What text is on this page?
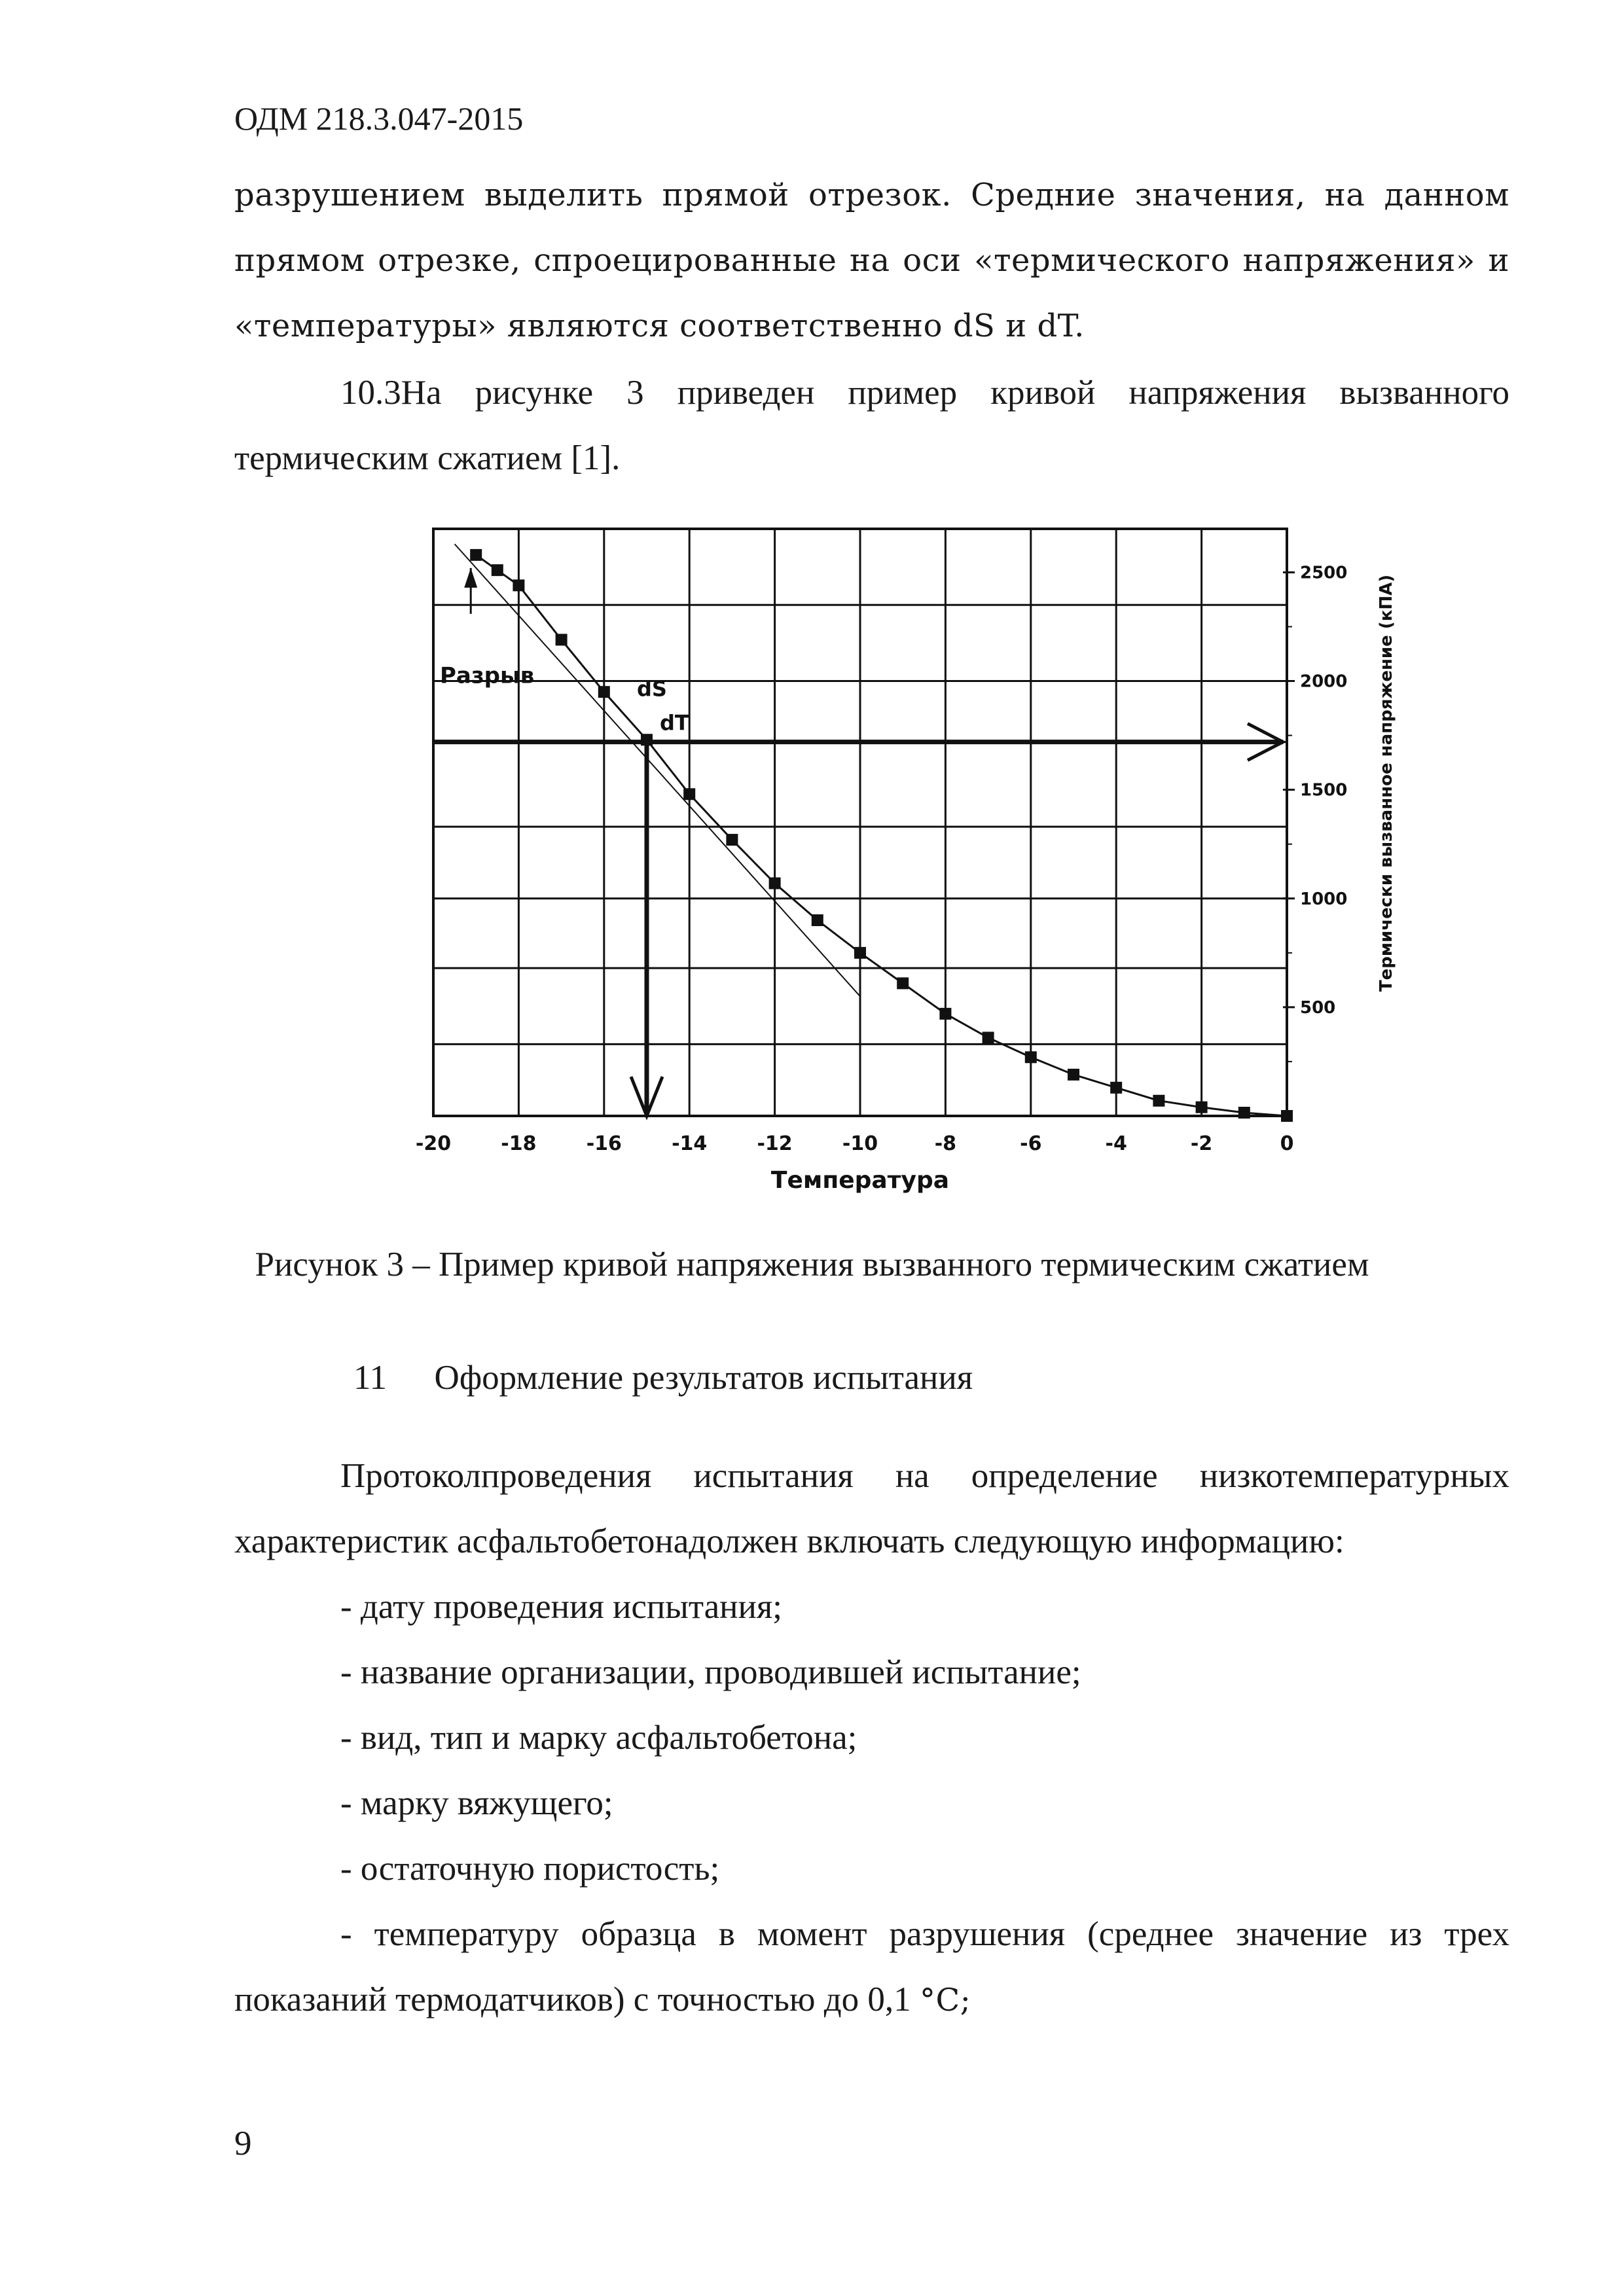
ОДМ 218.3.047-2015
разрушением выделить прямой отрезок. Средние значения, на данном
прямом отрезке, спроецированные на оси «термического напряжения» и
«температуры» являются соответственно dS и dT.
10.3На рисунке 3 приведен пример кривой напряжения вызванного
термическим сжатием [1].
500
1000
1500
2000
2500
-20	-18	-16	-14	-12	-10	-8	-6	-4	-2	0
Температура
Термически вызванное напряжение (кПА)
Разрыв
dS
dT
Рисунок 3 – Пример кривой напряжения вызванного термическим сжатием
11 Оформление результатов испытания
Протоколпроведения испытания на определение низкотемпературных
характеристик асфальтобетонадолжен включать следующую информацию:
- дату проведения испытания;
- название организации, проводившей испытание;
- вид, тип и марку асфальтобетона;
- марку вяжущего;
- остаточную пористость;
- температуру образца в момент разрушения (среднее значение из трех
показаний термодатчиков) с точностью до 0,1 °С;
9
